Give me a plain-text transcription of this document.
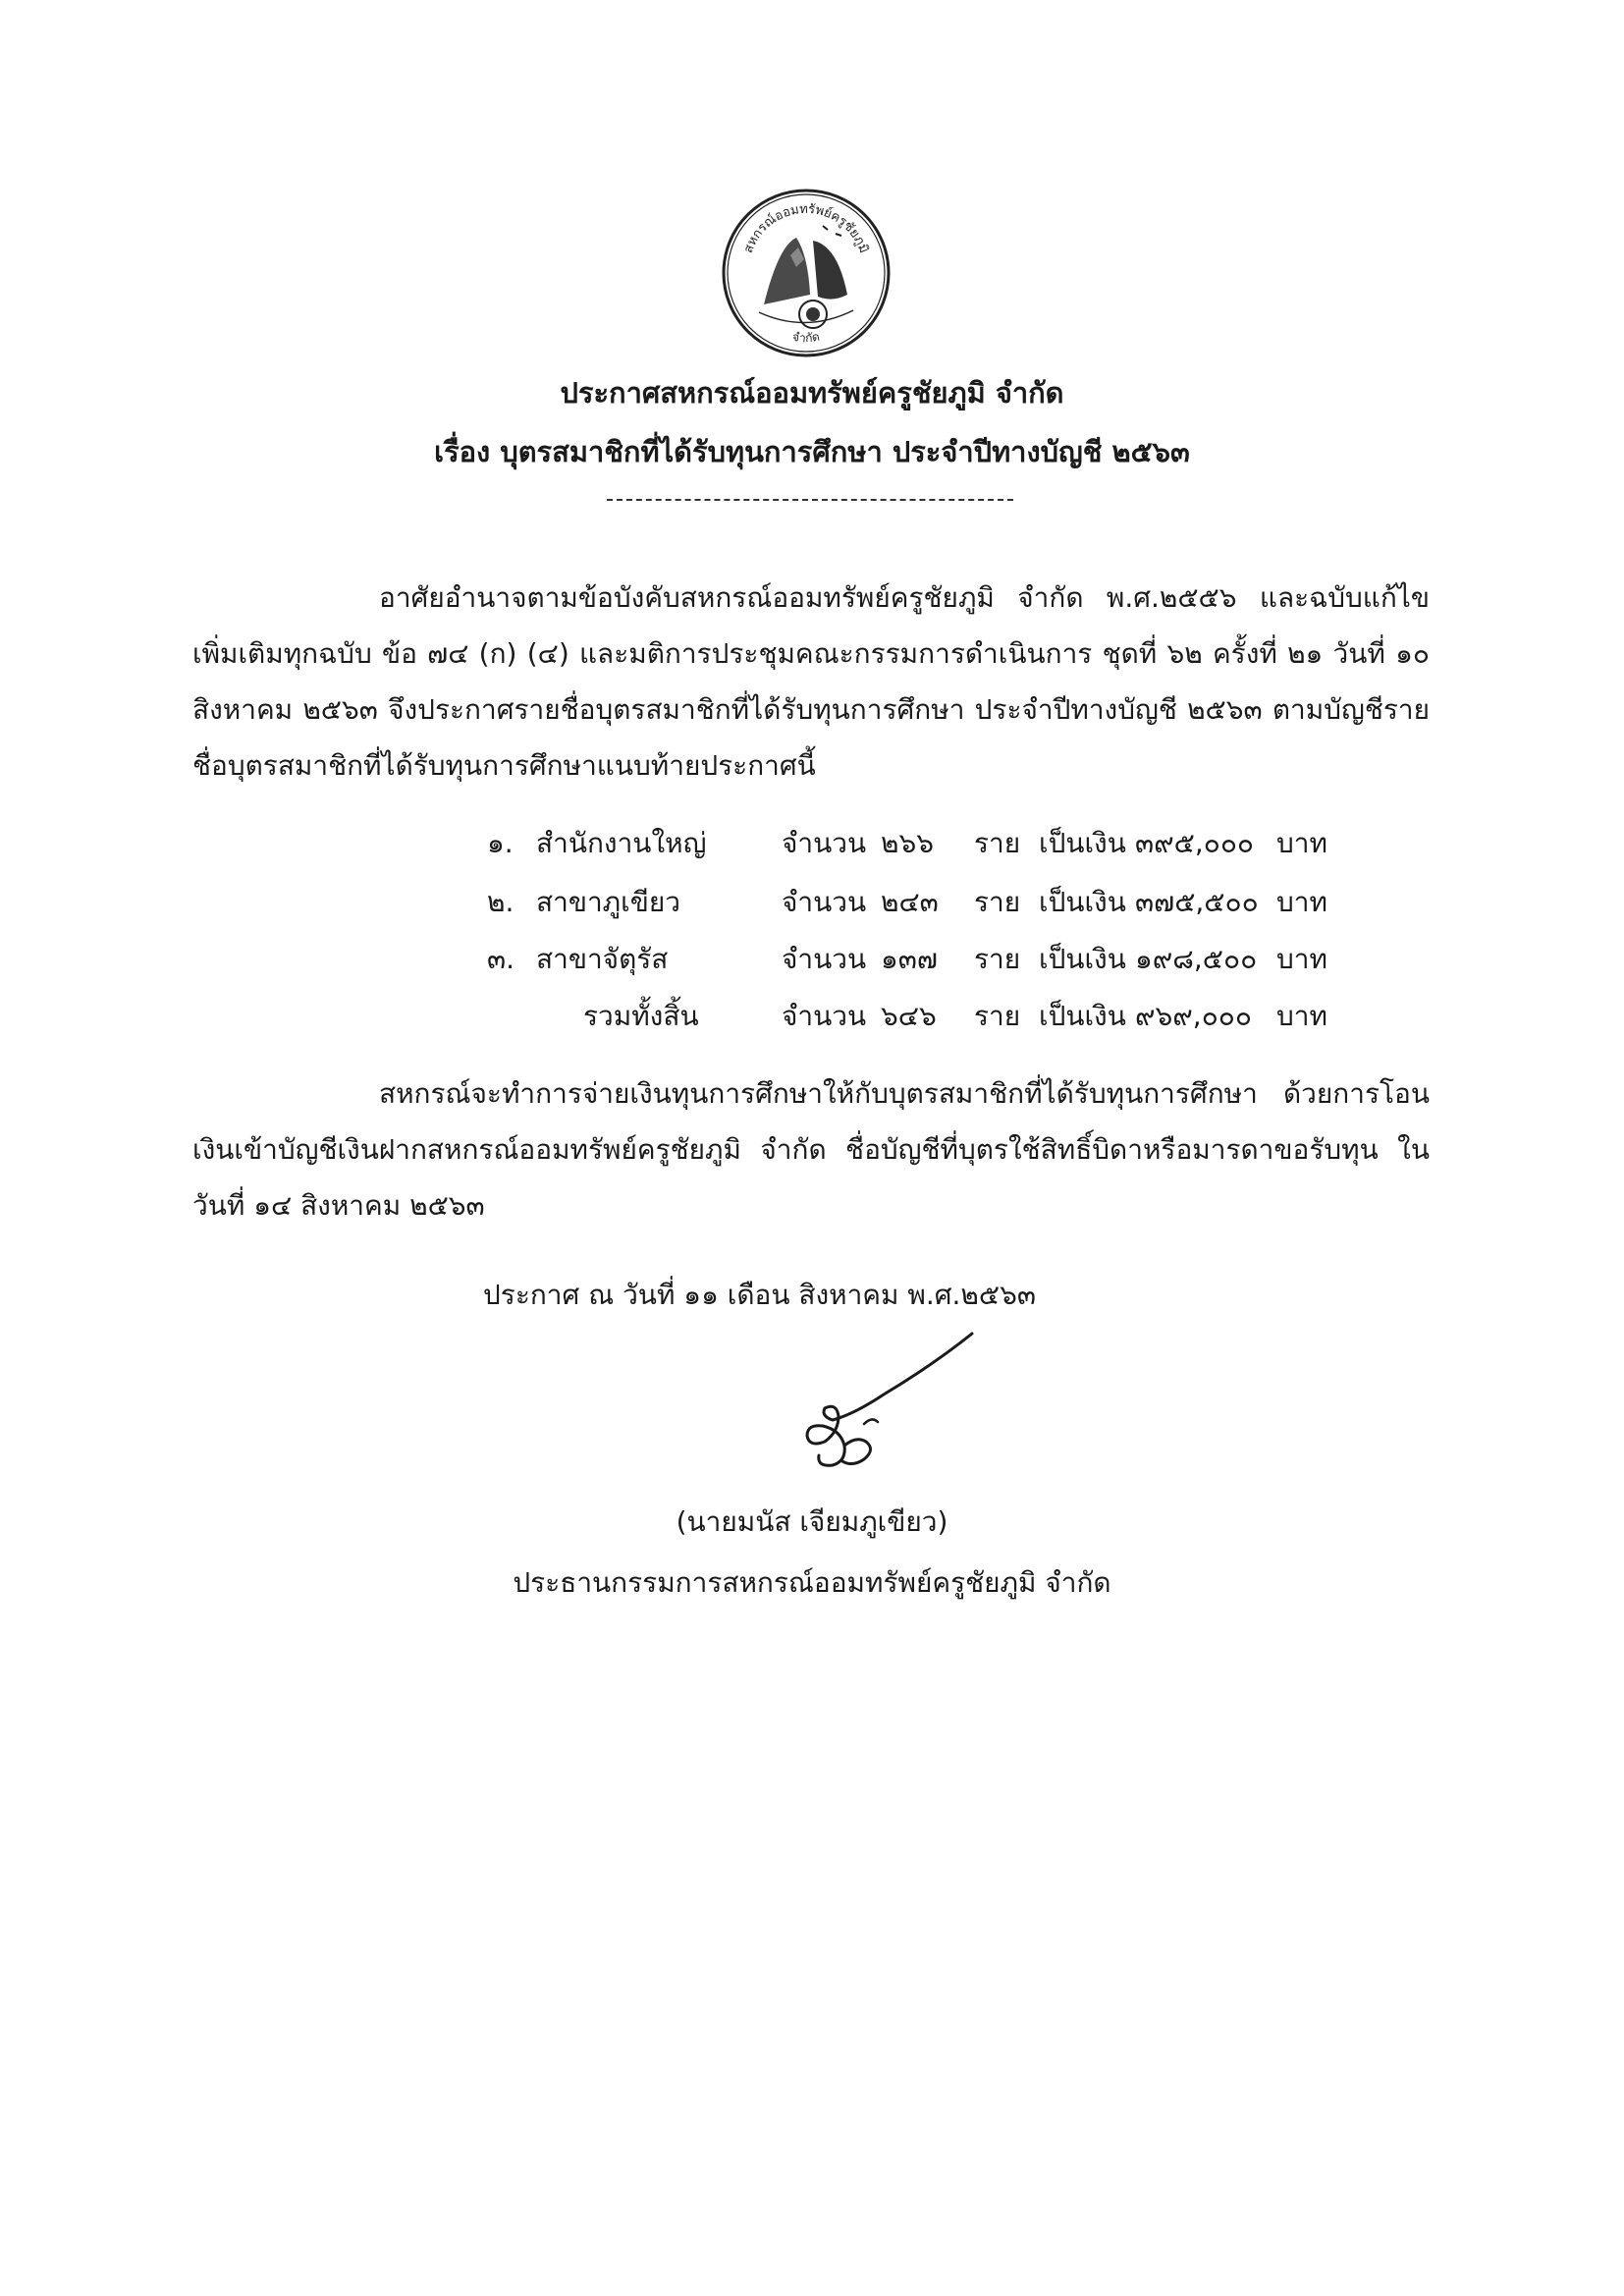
สหกรณ์ออมทรัพย์ครูชัยภูมิ
จำกัด
ประกาศสหกรณ์ออมทรัพย์ครูชัยภูมิ จำกัด
เรื่อง บุตรสมาชิกที่ได้รับทุนการศึกษา ประจำปีทางบัญชี ๒๕๖๓
อาศัยอำนาจตามข้อบังคับสหกรณ์ออมทรัพย์ครูชัยภูมิ จำกัด พ.ศ.๒๕๕๖ และฉบับแก้ไขเพิ่มเติมทุกฉบับ ข้อ ๗๔ (ก) (๔) และมติการประชุมคณะกรรมการดำเนินการ ชุดที่ ๖๒ ครั้งที่ ๒๑ วันที่ ๑๐ สิงหาคม ๒๕๖๓ จึงประกาศรายชื่อบุตรสมาชิกที่ได้รับทุนการศึกษา ประจำปีทางบัญชี ๒๕๖๓ ตามบัญชีรายชื่อบุตรสมาชิกที่ได้รับทุนการศึกษาแนบท้ายประกาศนี้
๑. สำนักงานใหญ่	จำนวน ๒๖๖ ราย เป็นเงิน ๓๙๕,๐๐๐ บาท
๒. สาขาภูเขียว	จำนวน ๒๔๓ ราย เป็นเงิน ๓๗๕,๕๐๐ บาท
๓. สาขาจัตุรัส	จำนวน ๑๓๗ ราย เป็นเงิน ๑๙๘,๕๐๐ บาท
รวมทั้งสิ้น	จำนวน ๖๔๖ ราย เป็นเงิน ๙๖๙,๐๐๐ บาท
สหกรณ์จะทำการจ่ายเงินทุนการศึกษาให้กับบุตรสมาชิกที่ได้รับทุนการศึกษา ด้วยการโอนเงินเข้าบัญชีเงินฝากสหกรณ์ออมทรัพย์ครูชัยภูมิ จำกัด ชื่อบัญชีที่บุตรใช้สิทธิ์บิดาหรือมารดาขอรับทุน ในวันที่ ๑๔ สิงหาคม ๒๕๖๓
ประกาศ ณ วันที่ ๑๑ เดือน สิงหาคม พ.ศ.๒๕๖๓
(นายมนัส เจียมภูเขียว)
ประธานกรรมการสหกรณ์ออมทรัพย์ครูชัยภูมิ จำกัด
